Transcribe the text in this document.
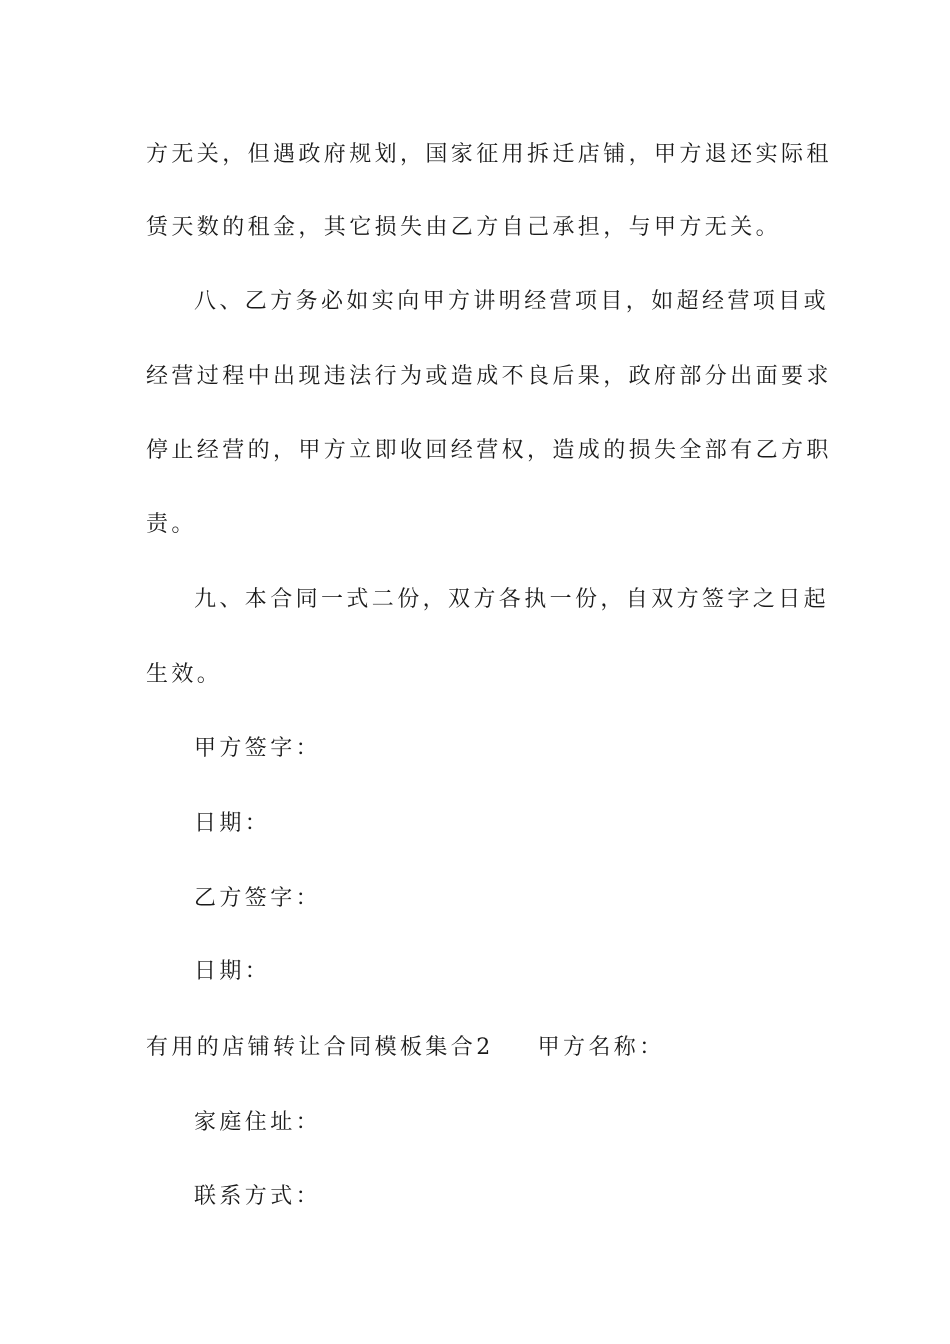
方无关，但遇政府规划，国家征用拆迁店铺，甲方退还实际租
赁天数的租金，其它损失由乙方自己承担，与甲方无关。
八、乙方务必如实向甲方讲明经营项目，如超经营项目或
经营过程中出现违法行为或造成不良后果，政府部分出面要求
停止经营的，甲方立即收回经营权，造成的损失全部有乙方职
责。
九、本合同一式二份，双方各执一份，自双方签字之日起
生效。
甲方签字：
日期：
乙方签字：
日期：
有用的店铺转让合同模板集合2 甲方名称：
家庭住址：
联系方式：
